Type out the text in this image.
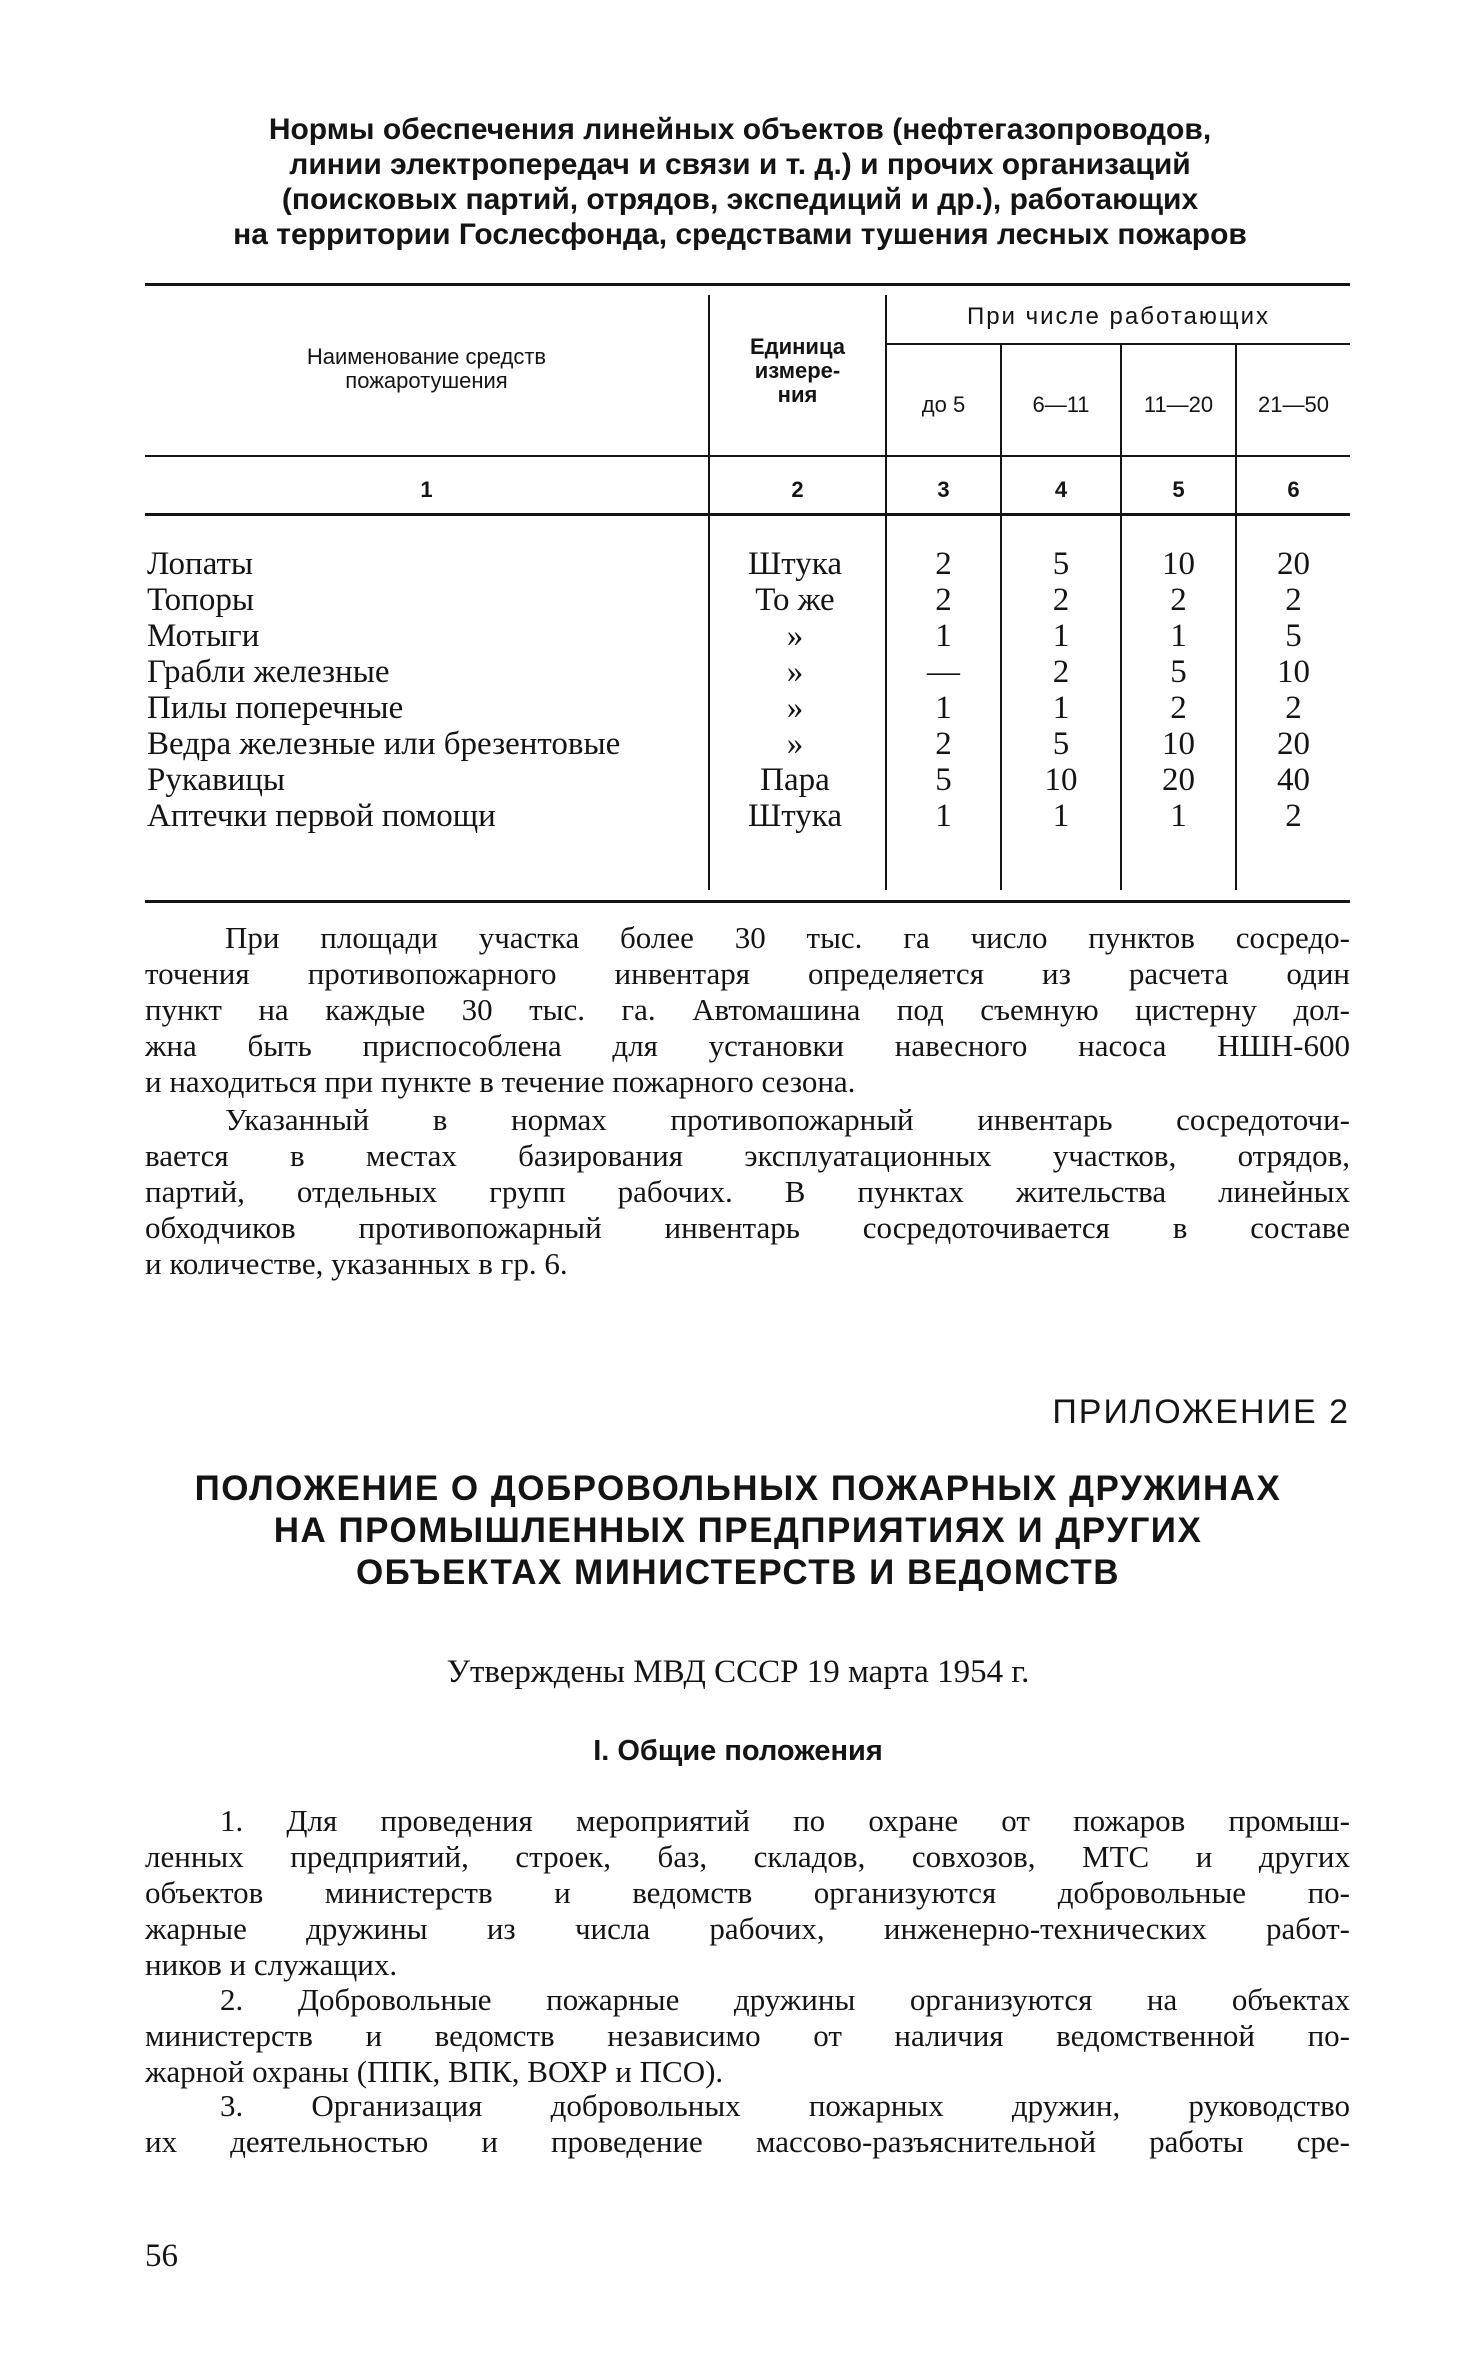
Нормы обеспечения линейных объектов (нефтегазопроводов,
линии электропередач и связи и т. д.) и прочих организаций
(поисковых партий, отрядов, экспедиций и др.), работающих
на территории Гослесфонда, средствами тушения лесных пожаров
Наименование средств
пожаротушения
Единица
измере-
ния
При числе работающих
до 5	6—11	11—20	21—50
1	2	3	4	5	6
Лопаты	Штука	2	5	10	20
Топоры	То же	2	2	2	2
Мотыги	»	1	1	1	5
Грабли железные	»	—	2	5	10
Пилы поперечные	»	1	1	2	2
Ведра железные или брезентовые	»	2	5	10	20
Рукавицы	Пара	5	10	20	40
Аптечки первой помощи	Штука	1	1	1	2
При площади участка более 30 тыс. га число пунктов сосредо-
точения противопожарного инвентаря определяется из расчета один
пункт на каждые 30 тыс. га. Автомашина под съемную цистерну дол-
жна быть приспособлена для установки навесного насоса НШН-600
и находиться при пункте в течение пожарного сезона.
Указанный в нормах противопожарный инвентарь сосредоточи-
вается в местах базирования эксплуатационных участков, отрядов,
партий, отдельных групп рабочих. В пунктах жительства линейных
обходчиков противопожарный инвентарь сосредоточивается в составе
и количестве, указанных в гр. 6.
ПРИЛОЖЕНИЕ 2
ПОЛОЖЕНИЕ О ДОБРОВОЛЬНЫХ ПОЖАРНЫХ ДРУЖИНАХ
НА ПРОМЫШЛЕННЫХ ПРЕДПРИЯТИЯХ И ДРУГИХ
ОБЪЕКТАХ МИНИСТЕРСТВ И ВЕДОМСТВ
Утверждены МВД СССР 19 марта 1954 г.
I. Общие положения
1. Для проведения мероприятий по охране от пожаров промыш-
ленных предприятий, строек, баз, складов, совхозов, МТС и других
объектов министерств и ведомств организуются добровольные по-
жарные дружины из числа рабочих, инженерно-технических работ-
ников и служащих.
2. Добровольные пожарные дружины организуются на объектах
министерств и ведомств независимо от наличия ведомственной по-
жарной охраны (ППК, ВПК, ВОХР и ПСО).
3. Организация добровольных пожарных дружин, руководство
их деятельностью и проведение массово-разъяснительной работы сре-
56
